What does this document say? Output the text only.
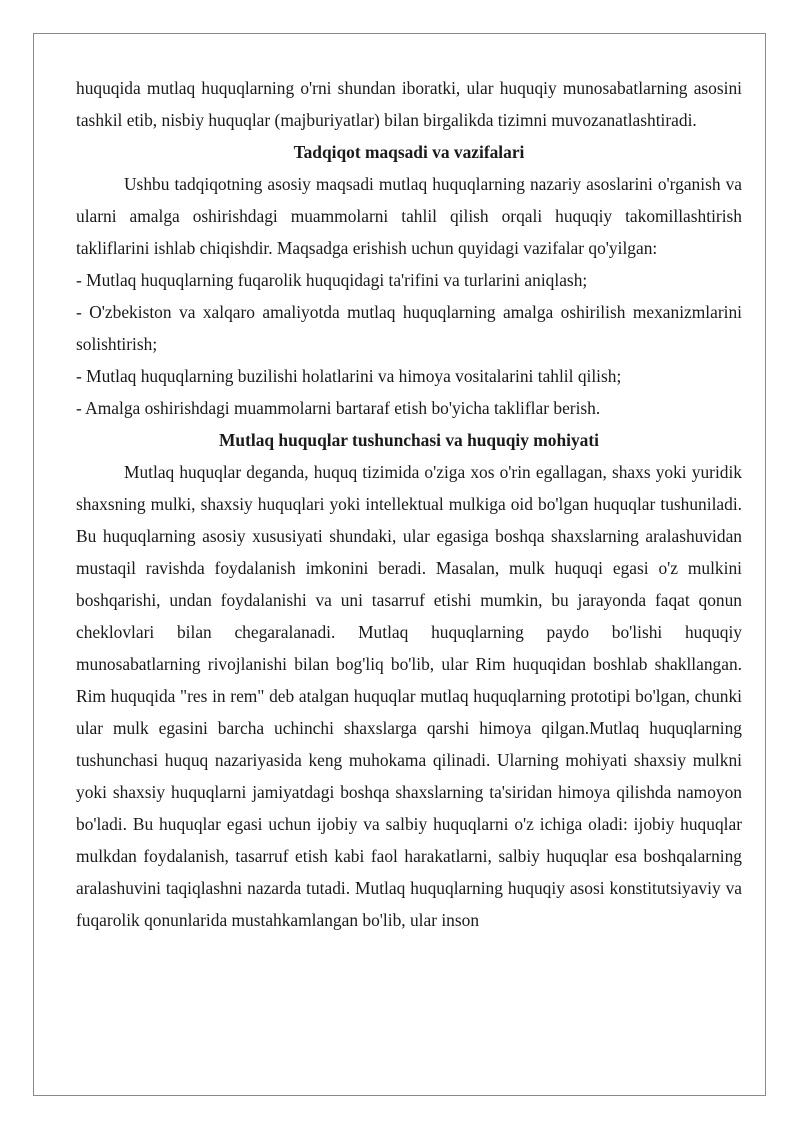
huquqida mutlaq huquqlarning o'rni shundan iboratki, ular huquqiy munosabatlarning asosini tashkil etib, nisbiy huquqlar (majburiyatlar) bilan birgalikda tizimni muvozanatlashtiradi.

Tadqiqot maqsadi va vazifalari

Ushbu tadqiqotning asosiy maqsadi mutlaq huquqlarning nazariy asoslarini o'rganish va ularni amalga oshirishdagi muammolarni tahlil qilish orqali huquqiy takomillashtirish takliflarini ishlab chiqishdir. Maqsadga erishish uchun quyidagi vazifalar qo'yilgan:

- Mutlaq huquqlarning fuqarolik huquqidagi ta'rifini va turlarini aniqlash;
- O'zbekiston va xalqaro amaliyotda mutlaq huquqlarning amalga oshirilish mexanizmlarini solishtirish;
- Mutlaq huquqlarning buzilishi holatlarini va himoya vositalarini tahlil qilish;
- Amalga oshirishdagi muammolarni bartaraf etish bo'yicha takliflar berish.
Mutlaq huquqlar tushunchasi va huquqiy mohiyati

Mutlaq huquqlar deganda, huquq tizimida o'ziga xos o'rin egallagan, shaxs yoki yuridik shaxsning mulki, shaxsiy huquqlari yoki intellektual mulkiga oid bo'lgan huquqlar tushuniladi. Bu huquqlarning asosiy xususiyati shundaki, ular egasiga boshqa shaxslarning aralashuvidan mustaqil ravishda foydalanish imkonini beradi. Masalan, mulk huquqi egasi o'z mulkini boshqarishi, undan foydalanishi va uni tasarruf etishi mumkin, bu jarayonda faqat qonun cheklovlari bilan chegaralanadi. Mutlaq huquqlarning paydo bo'lishi huquqiy munosabatlarning rivojlanishi bilan bog'liq bo'lib, ular Rim huquqidan boshlab shakllangan. Rim huquqida "res in rem" deb atalgan huquqlar mutlaq huquqlarning prototipi bo'lgan, chunki ular mulk egasini barcha uchinchi shaxslarga qarshi himoya qilgan.Mutlaq huquqlarning tushunchasi huquq nazariyasida keng muhokama qilinadi. Ularning mohiyati shaxsiy mulkni yoki shaxsiy huquqlarni jamiyatdagi boshqa shaxslarning ta'siridan himoya qilishda namoyon bo'ladi. Bu huquqlar egasi uchun ijobiy va salbiy huquqlarni o'z ichiga oladi: ijobiy huquqlar mulkdan foydalanish, tasarruf etish kabi faol harakatlarni, salbiy huquqlar esa boshqalarning aralashuvini taqiqlashni nazarda tutadi. Mutlaq huquqlarning huquqiy asosi konstitutsiyaviy va fuqarolik qonunlarida mustahkamlangan bo'lib, ular inson
